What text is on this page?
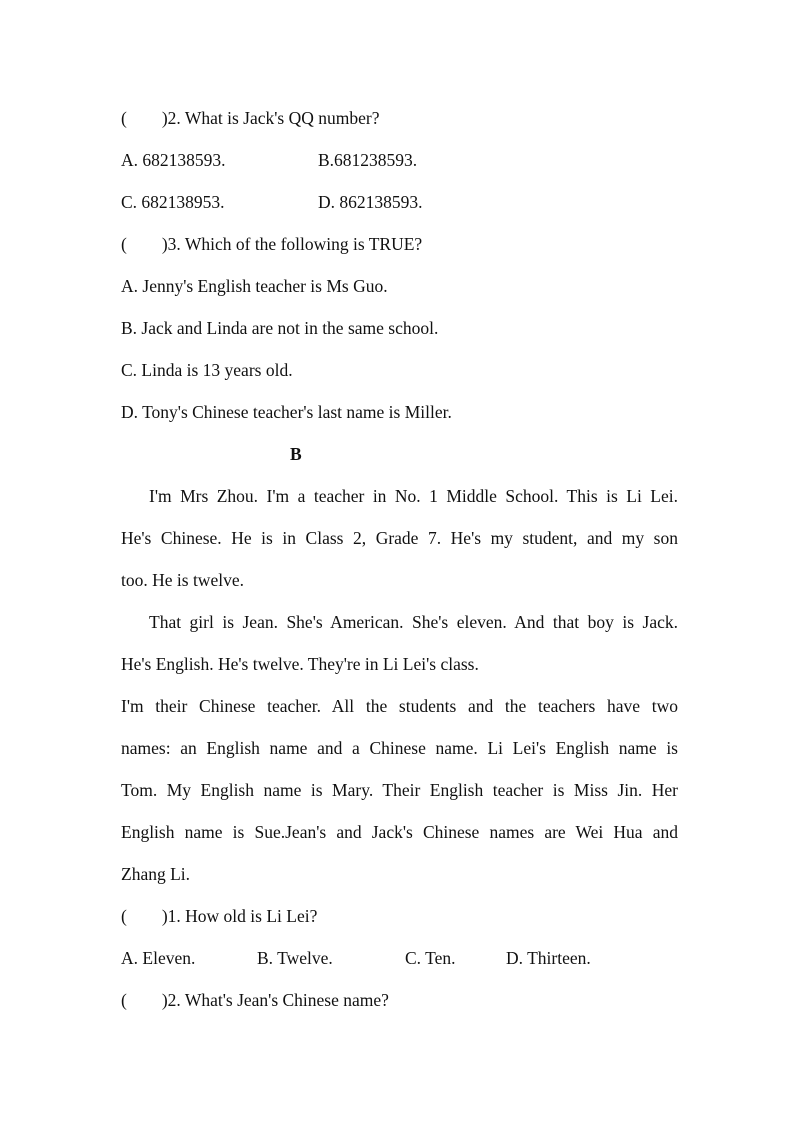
(        )2. What is Jack's QQ number?
A. 682138593.	B.681238593.
C. 682138953.	D. 862138593.
(        )3. Which of the following is TRUE?
A. Jenny's English teacher is Ms Guo.
B. Jack and Linda are not in the same school.
C. Linda is 13 years old.
D. Tony's Chinese teacher's last name is Miller.
B
I'm Mrs Zhou. I'm a teacher in No. 1 Middle School. This is Li Lei.
He's Chinese. He is in Class 2, Grade 7. He's my student, and my son
too. He is twelve.
That girl is Jean. She's American. She's eleven. And that boy is Jack.
He's English. He's twelve. They're in Li Lei's class.
I'm their Chinese teacher. All the students and the teachers have two
names: an English name and a Chinese name. Li Lei's English name is
Tom. My English name is Mary. Their English teacher is Miss Jin. Her
English name is Sue.Jean's and Jack's Chinese names are Wei Hua and
Zhang Li.
(        )1. How old is Li Lei?
A. Eleven.	B. Twelve.	C. Ten.	D. Thirteen.
(        )2. What's Jean's Chinese name?
